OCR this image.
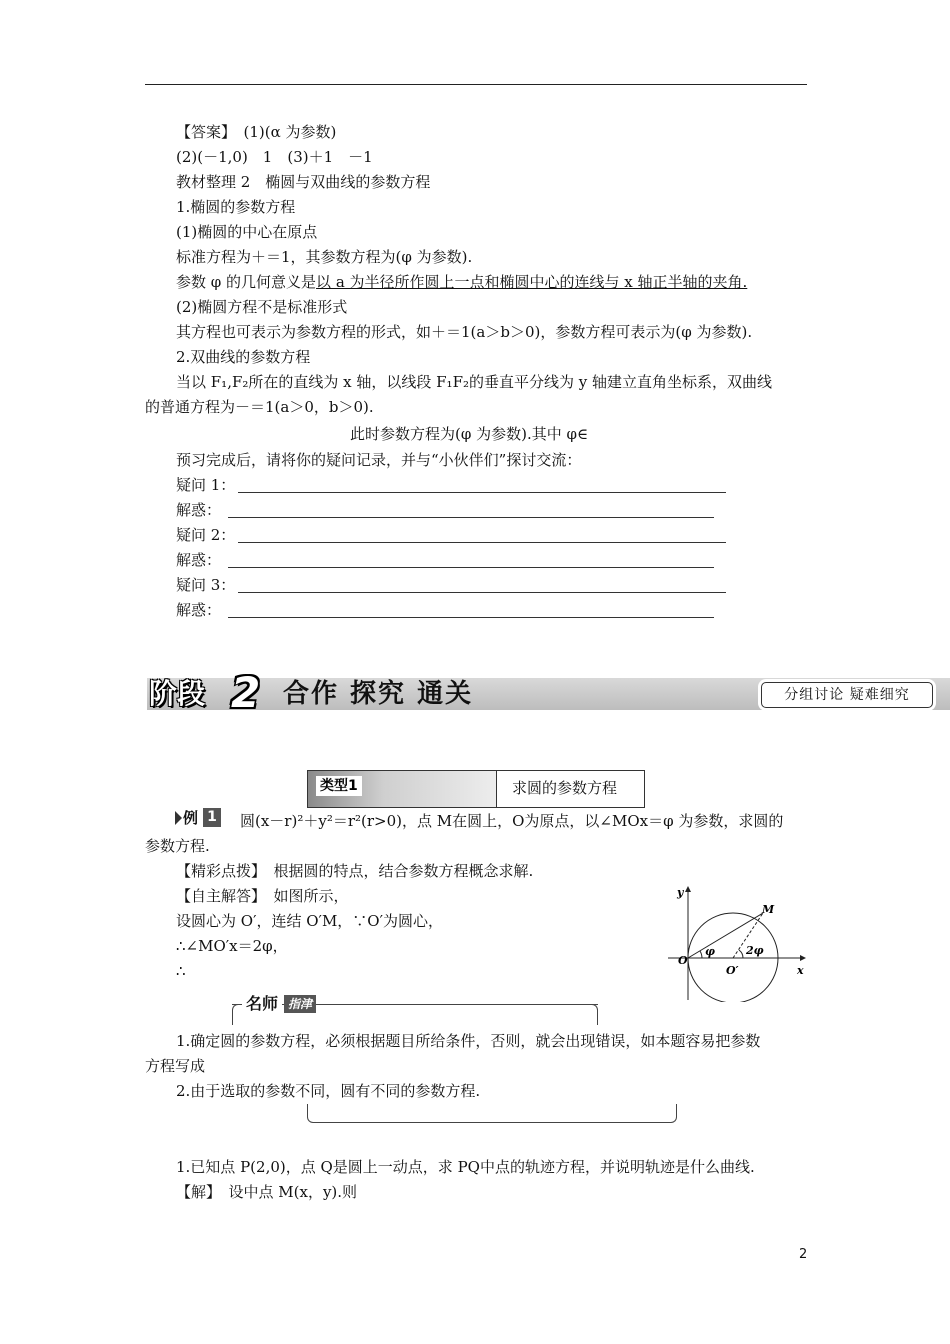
【答案】　(1)(α 为参数)
(2)(－1,0)　1　(3)＋1　－1
教材整理 2　椭圆与双曲线的参数方程
1.椭圆的参数方程
(1)椭圆的中心在原点
标准方程为＋＝1，其参数方程为(φ 为参数).
参数 φ 的几何意义是以 a 为半径所作圆上一点和椭圆中心的连线与 x 轴正半轴的夹角.
(2)椭圆方程不是标准形式
其方程也可表示为参数方程的形式，如＋＝1(a＞b＞0)，参数方程可表示为(φ 为参数).
2.双曲线的参数方程
当以 F₁,F₂所在的直线为 x 轴，以线段 F₁F₂的垂直平分线为 y 轴建立直角坐标系，双曲线
的普通方程为－＝1(a＞0，b＞0).
此时参数方程为(φ 为参数).其中 φ∈
预习完成后，请将你的疑问记录，并与“小伙伴们”探讨交流：
疑问 1：
解惑：
疑问 2：
解惑：
疑问 3：
解惑：
阶段 2 合作 探究 通关	分组讨论 疑难细究
类型1	求圆的参数方程
例 1 圆(x－r)²＋y²＝r²(r>0)，点 M在圆上，O为原点，以∠MOx＝φ 为参数，求圆的
参数方程.
【精彩点拨】　根据圆的特点，结合参数方程概念求解.
【自主解答】　如图所示，
设圆心为 O′，连结 O′M，∵O′为圆心，
∴∠MO′x＝2φ，
∴
y
x
M
O
O′
φ	2φ
名师 指津
1.确定圆的参数方程，必须根据题目所给条件，否则，就会出现错误，如本题容易把参数
方程写成
2.由于选取的参数不同，圆有不同的参数方程.
1.已知点 P(2,0)，点 Q是圆上一动点，求 PQ中点的轨迹方程，并说明轨迹是什么曲线.
【解】　设中点 M(x，y).则
2
